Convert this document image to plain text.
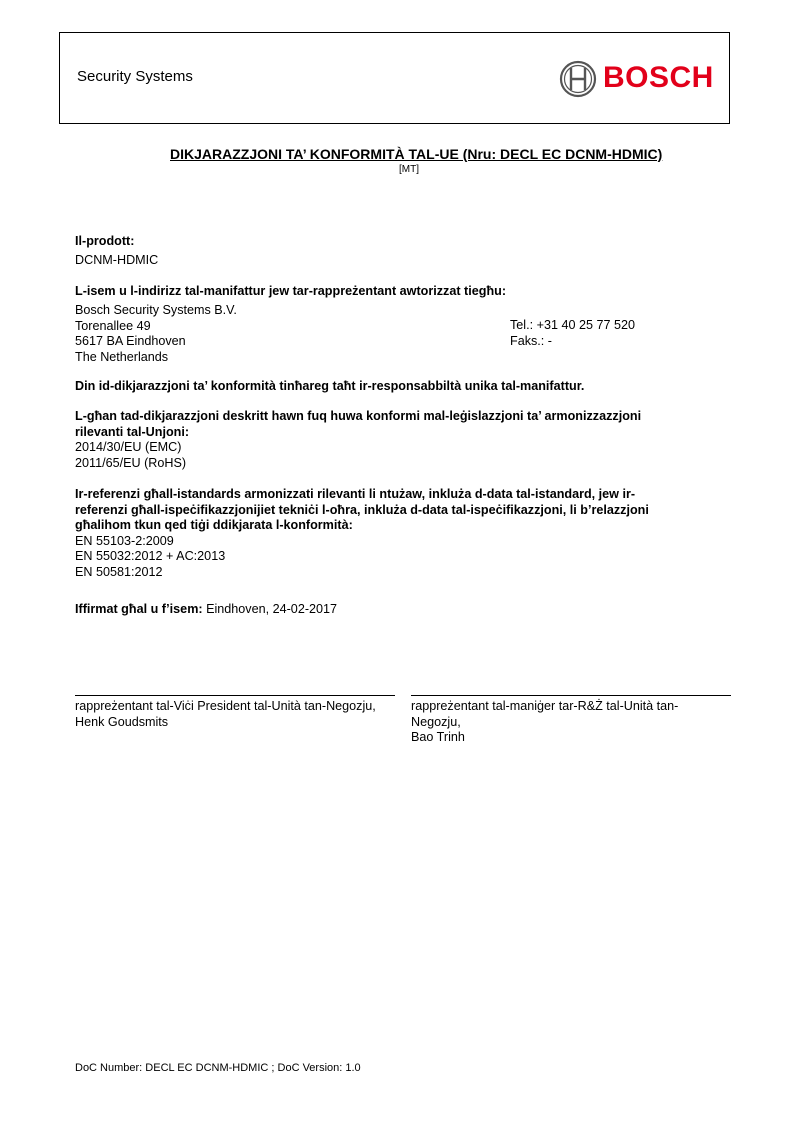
Security Systems	BOSCH
DIKJARAZZJONI TA’ KONFORMITÀ TAL-UE (Nru: DECL EC DCNM-HDMIC)
[MT]
Il-prodott:
DCNM-HDMIC
L-isem u l-indirizz tal-manifattur jew tar-rappreżentant awtorizzat tiegħu:
Bosch Security Systems B.V.
Torenallee 49
5617 BA Eindhoven
The Netherlands
Tel.: +31 40 25 77 520
Faks.: -
Din id-dikjarazzjoni ta’ konformità tinħareg taħt ir-responsabbiltà unika tal-manifattur.
L-għan tad-dikjarazzjoni deskritt hawn fuq huwa konformi mal-leġislazzjoni ta’ armonizzazzjoni
rilevanti tal-Unjoni:
2014/30/EU (EMC)
2011/65/EU (RoHS)
Ir-referenzi għall-istandards armonizzati rilevanti li ntużaw, inkluża d-data tal-istandard, jew ir-
referenzi għall-ispeċifikazzjonijiet tekniċi l-oħra, inkluża d-data tal-ispeċifikazzjoni, li b’relazzjoni
għalihom tkun qed tiġi ddikjarata l-konformità:
EN 55103-2:2009
EN 55032:2012 + AC:2013
EN 50581:2012
Iffirmat għal u f’isem: Eindhoven, 24-02-2017
rappreżentant tal-Viċi President tal-Unità tan-Negozju,
Henk Goudsmits
rappreżentant tal-maniġer tar-R&Ż tal-Unità tan-
Negozju,
Bao Trinh
DoC Number: DECL EC DCNM-HDMIC ; DoC Version: 1.0
